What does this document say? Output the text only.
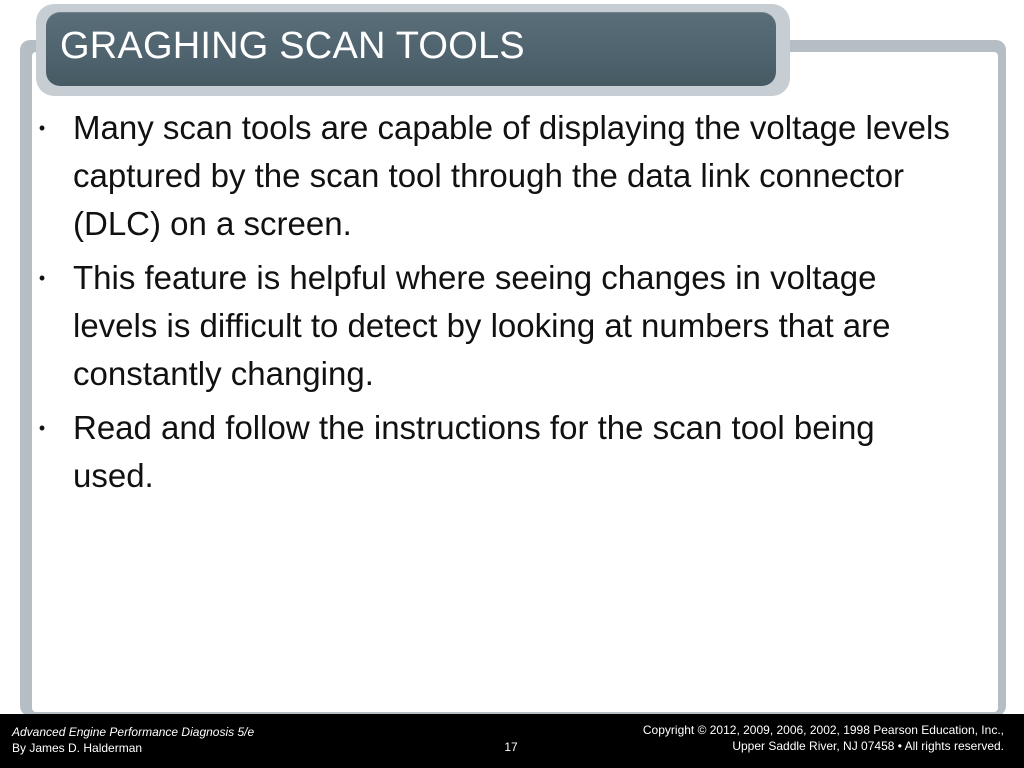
GRAGHING SCAN TOOLS
• Many scan tools are capable of displaying the voltage levels captured by the scan tool through the data link connector (DLC) on a screen.
• This feature is helpful where seeing changes in voltage levels is difficult to detect by looking at numbers that are constantly changing.
• Read and follow the instructions for the scan tool being used.
Advanced Engine Performance Diagnosis 5/e
By James D. Halderman	17
Copyright © 2012, 2009, 2006, 2002, 1998 Pearson Education, Inc.,
Upper Saddle River, NJ 07458 • All rights reserved.
